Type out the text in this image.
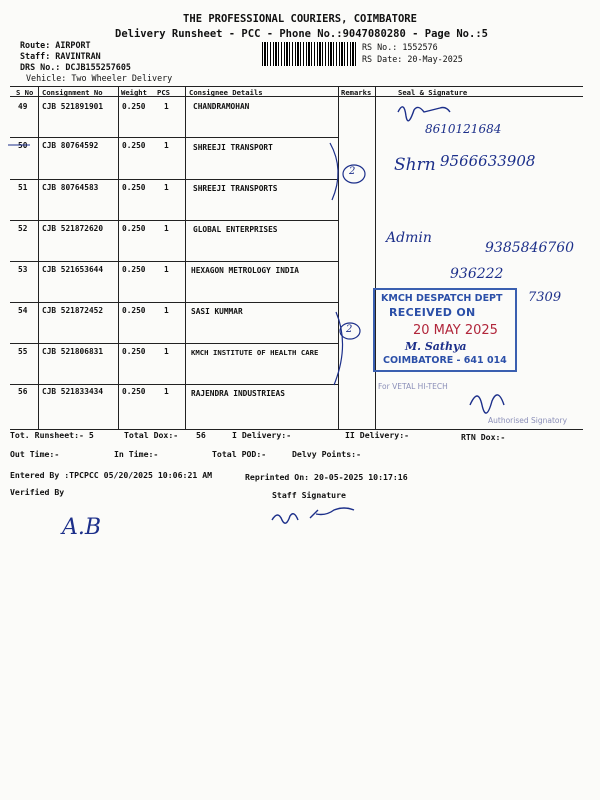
THE PROFESSIONAL COURIERS, COIMBATORE
Delivery Runsheet - PCC - Phone No.:9047080280 - Page No.:5
Route: AIRPORT
Staff: RAVINTRAN
DRS No.: DCJB155257605
Vehicle: Two Wheeler Delivery
RS No.: 1552576
RS Date: 20-May-2025
S No Consignment No	Weight PCS	Consignee Details	Remarks	Seal & Signature
49 CJB 521891901 0.250 1	CHANDRAMOHAN
50 CJB 80764592	0.250 1	SHREEJI TRANSPORT
51 CJB 80764583	0.250 1	SHREEJI TRANSPORTS
52 CJB 521872620 0.250 1	GLOBAL ENTERPRISES
53 CJB 521653644 0.250 1	HEXAGON METROLOGY INDIA
54 CJB 521872452 0.250 1	SASI KUMMAR
55 CJB 521806831 0.250 1	KMCH INSTITUTE OF HEALTH CARE
56 CJB 521833434 0.250 1	RAJENDRA INDUSTRIEAS
8610121684
2 Shrn 9566633908
Admin
9385846760
936222
7309
2
A.B
KMCH DESPATCH DEPT
RECEIVED ON
20 MAY 2025
M. Sathya
COIMBATORE - 641 014
For VETAL HI-TECH
Authorised Signatory
Tot. Runsheet:- 5	Total Dox:- 56	I Delivery:-	II Delivery:-	RTN Dox:-
Out Time:-	In Time:-	Total POD:-	Delvy Points:-
Entered By :TPCPCC 05/20/2025 10:06:21 AM	Reprinted On: 20-05-2025 10:17:16
Verified By	Staff Signature
